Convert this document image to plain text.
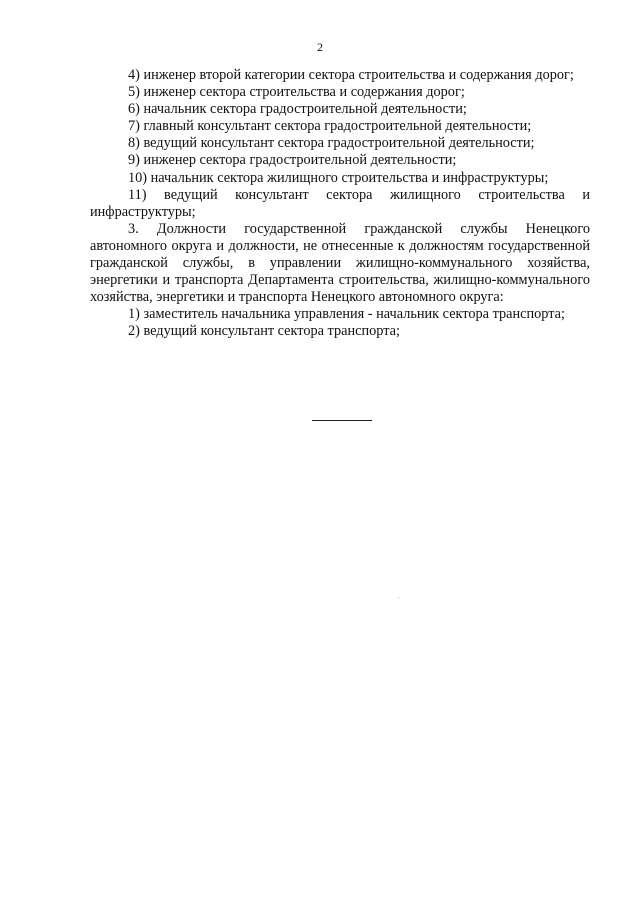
2

4) инженер второй категории сектора строительства и содержания дорог;

5) инженер сектора строительства и содержания дорог;

6) начальник сектора градостроительной деятельности;

7) главный консультант сектора градостроительной деятельности;

8) ведущий консультант сектора градостроительной деятельности;

9) инженер сектора градостроительной деятельности;

10) начальник сектора жилищного строительства и инфраструктуры;

11) ведущий консультант сектора жилищного строительства и инфраструктуры;

3. Должности государственной гражданской службы Ненецкого автономного округа и должности, не отнесенные к должностям государственной гражданской службы, в управлении жилищно-коммунального хозяйства, энергетики и транспорта Департамента строительства, жилищно-коммунального хозяйства, энергетики и транспорта Ненецкого автономного округа:

1) заместитель начальника управления - начальник сектора транспорта;

2) ведущий консультант сектора транспорта;
